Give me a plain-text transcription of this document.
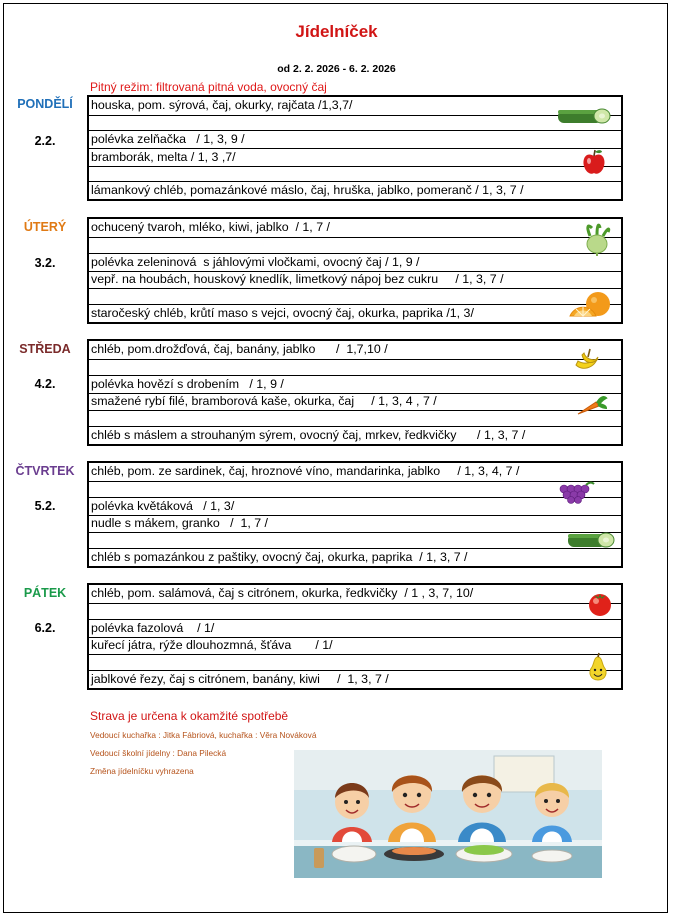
Jídelníček
od 2. 2. 2026 - 6. 2. 2026
Pitný režim: filtrovaná pitná voda, ovocný čaj
PONDĚLÍ
2.2.
houska, pom. sýrová, čaj, okurky, rajčata /1,3,7/
polévka zelňačka   / 1, 3, 9 /
bramborák, melta / 1, 3 ,7/
lámankový chléb, pomazánkové máslo, čaj, hruška, jablko, pomeranč / 1, 3, 7 /
ÚTERÝ
3.2.
ochucený tvaroh, mléko, kiwi, jablko  / 1, 7 /
polévka zeleninová  s jáhlovými vločkami, ovocný čaj / 1, 9 /
vepř. na houbách, houskový knedlík, limetkový nápoj bez cukru     / 1, 3, 7 /
staročeský chléb, krůtí maso s vejci, ovocný čaj, okurka, paprika /1, 3/
STŘEDA
4.2.
chléb, pom.drožďová, čaj, banány, jablko      /  1,7,10 /
polévka hovězí s drobením   / 1, 9 /
smažené rybí filé, bramborová kaše, okurka, čaj     / 1, 3, 4 , 7 /
chléb s máslem a strouhaným sýrem, ovocný čaj, mrkev, ředkvičky      / 1, 3, 7 /
ČTVRTEK
5.2.
chléb, pom. ze sardinek, čaj, hroznové víno, mandarinka, jablko     / 1, 3, 4, 7 /
polévka květáková   / 1, 3/
nudle s mákem, granko   /  1, 7 /
chléb s pomazánkou z paštiky, ovocný čaj, okurka, paprika  / 1, 3, 7 /
PÁTEK
6.2.
chléb, pom. salámová, čaj s citrónem, okurka, ředkvičky  / 1 , 3, 7, 10/
polévka fazolová    / 1/
kuřecí játra, rýže dlouhozmná, šťáva       / 1/
jablkové řezy, čaj s citrónem, banány, kiwi     /  1, 3, 7 /
Strava je určena k okamžité spotřebě
Vedoucí kuchařka : Jitka Fábriová, kuchařka : Věra Nováková
Vedoucí školní jídelny : Dana Pilecká
Změna jídelníčku vyhrazena
